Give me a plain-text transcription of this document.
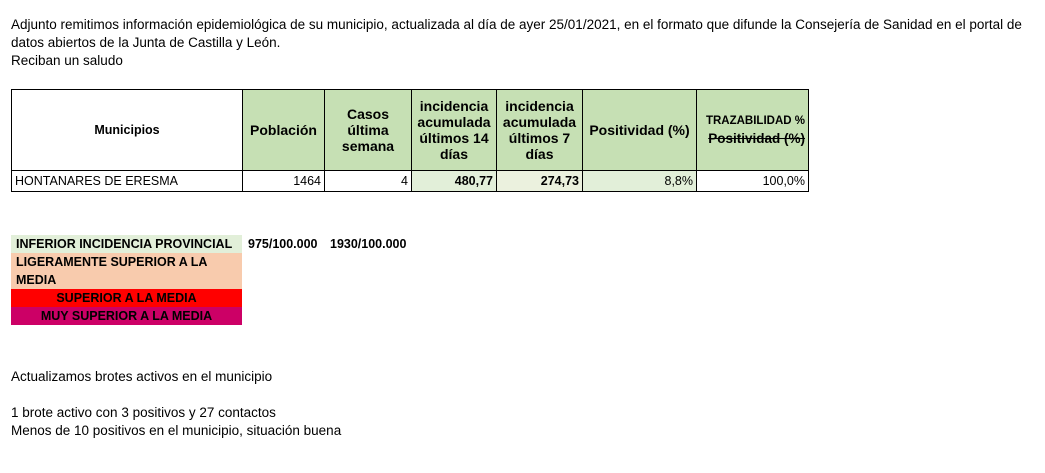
Adjunto remitimos información epidemiológica de su municipio, actualizada al día de ayer 25/01/2021, en el formato que difunde la Consejería de Sanidad en el portal de datos abiertos de la Junta de Castilla y León.

Reciban un saludo

Municipios	Población	Casos última semana	incidencia acumulada últimos 14 días	incidencia acumulada últimos 7 días	Positividad (%)	TRAZABILIDAD %
Positividad (%)

HONTANARES DE ERESMA	1464	4	480,77	274,73	8,8%	100,0%
INFERIOR INCIDENCIA PROVINCIAL
LIGERAMENTE SUPERIOR A LA MEDIA
SUPERIOR A LA MEDIA
MUY SUPERIOR A LA MEDIA
975/100.000 1930/100.000

Actualizamos brotes activos en el municipio

1 brote activo con 3 positivos y 27 contactos

Menos de 10 positivos en el municipio, situación buena
